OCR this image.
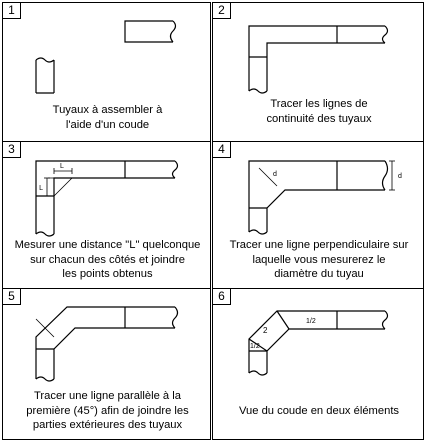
1
Tuyaux à assembler à
l'aide d'un coude
2
Tracer les lignes de
continuité des tuyaux
3
L
L
Mesurer une distance "L" quelconque
sur chacun des côtés et joindre
les points obtenus
4
d
d
Tracer une ligne perpendiculaire sur
laquelle vous mesurerez le
diamètre du tuyau
5
Tracer une ligne parallèle à la
première (45°) afin de joindre les
parties extérieures des tuyaux
6
1/2
2
1/2
Vue du coude en deux éléments
